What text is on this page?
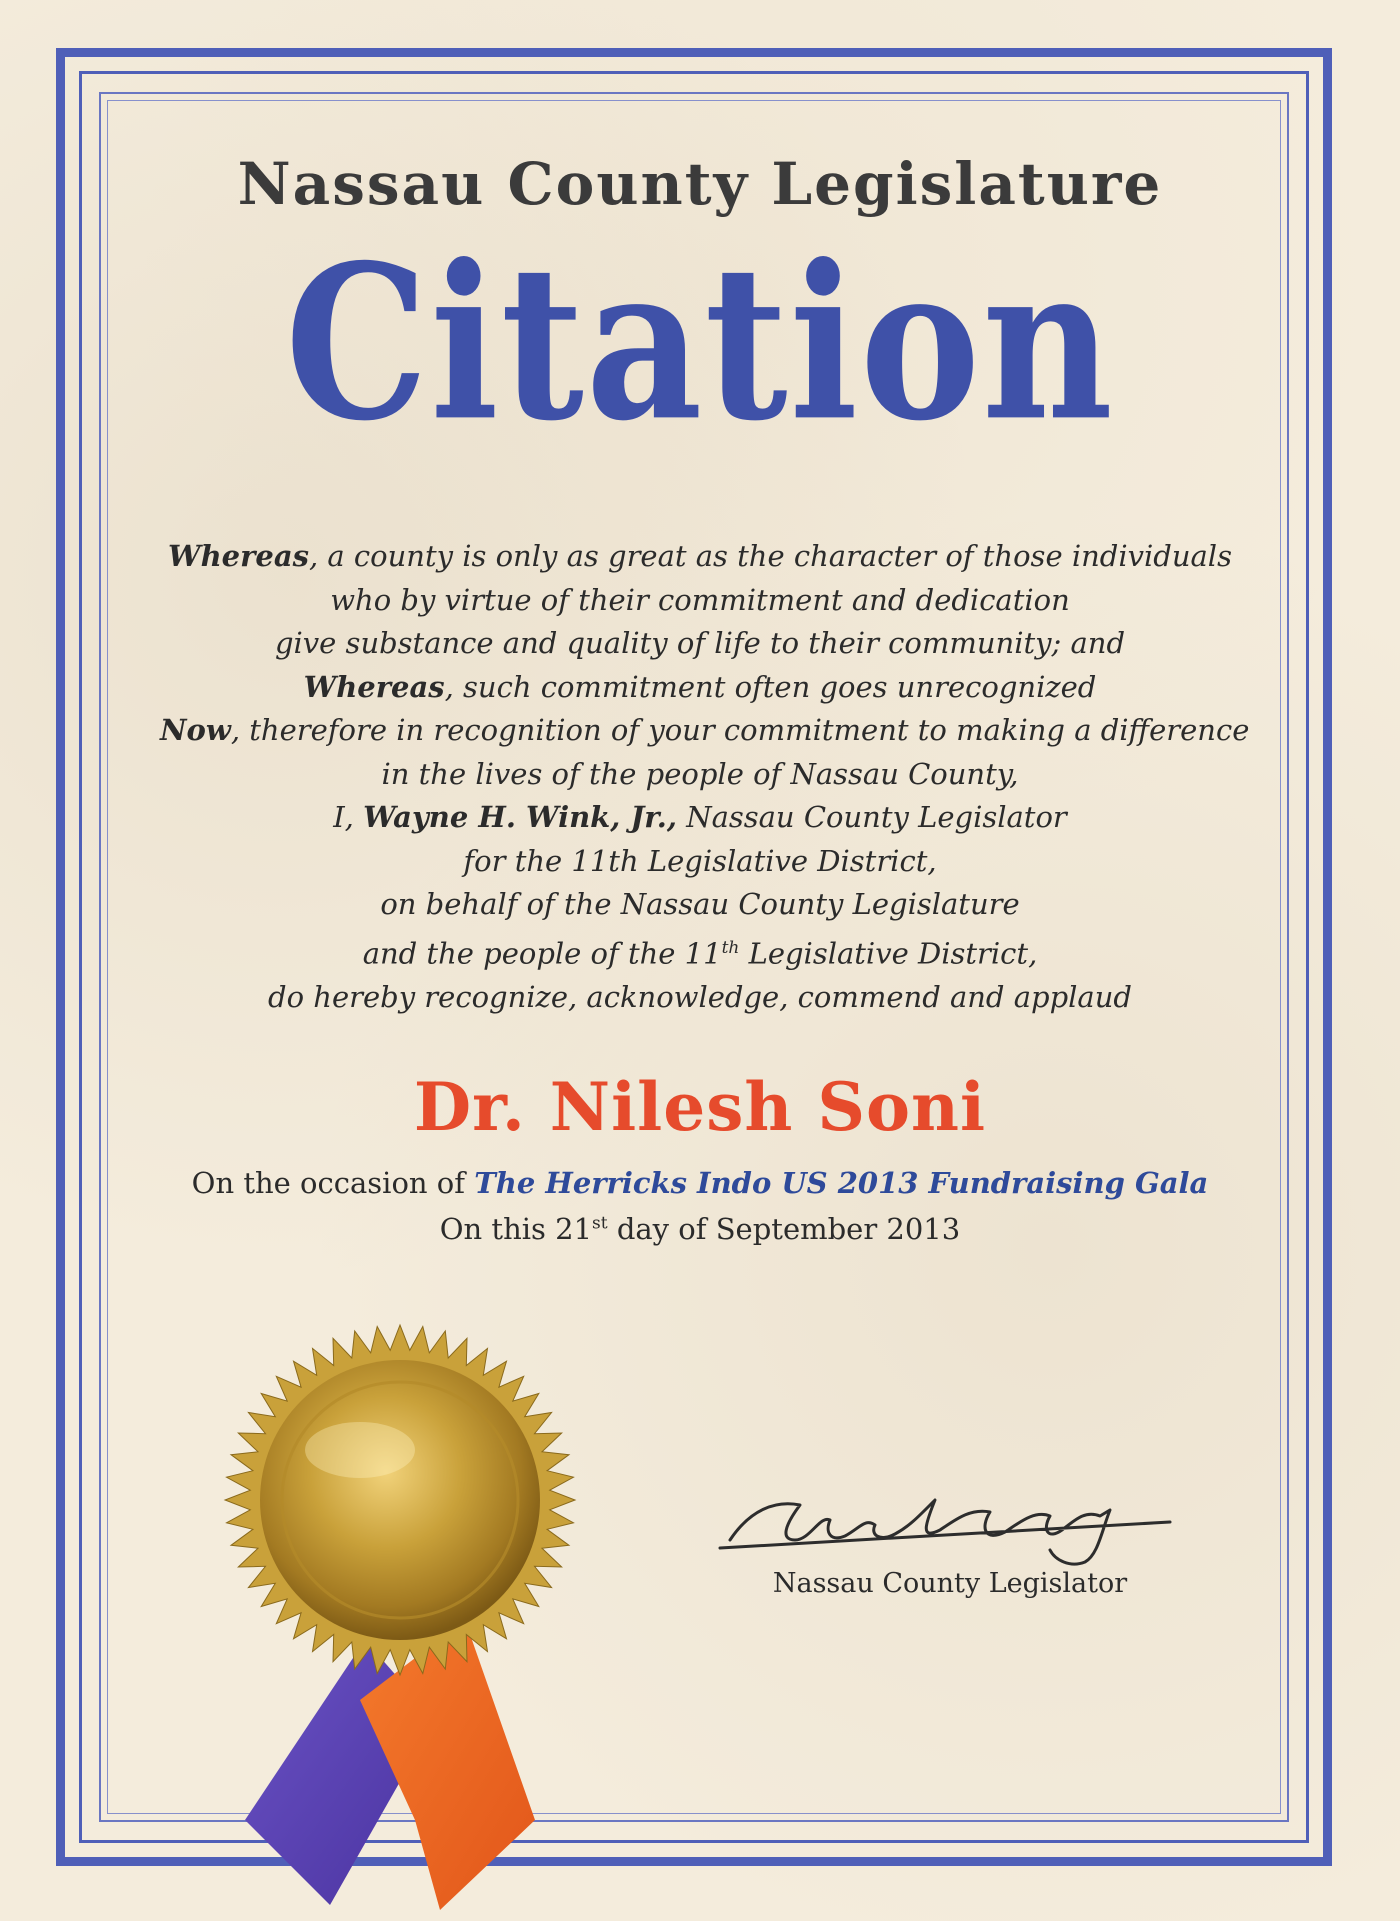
Nassau County Legislature
Citation
Whereas, a county is only as great as the character of those individuals
who by virtue of their commitment and dedication
give substance and quality of life to their community; and
Whereas, such commitment often goes unrecognized
Now, therefore in recognition of your commitment to making a difference
in the lives of the people of Nassau County,
I, Wayne H. Wink, Jr., Nassau County Legislator
for the 11th Legislative District,
on behalf of the Nassau County Legislature
and the people of the 11th Legislative District,
do hereby recognize, acknowledge, commend and applaud
Dr. Nilesh Soni
On the occasion of The Herricks Indo US 2013 Fundraising Gala
On this 21st day of September 2013
Nassau County Legislator
